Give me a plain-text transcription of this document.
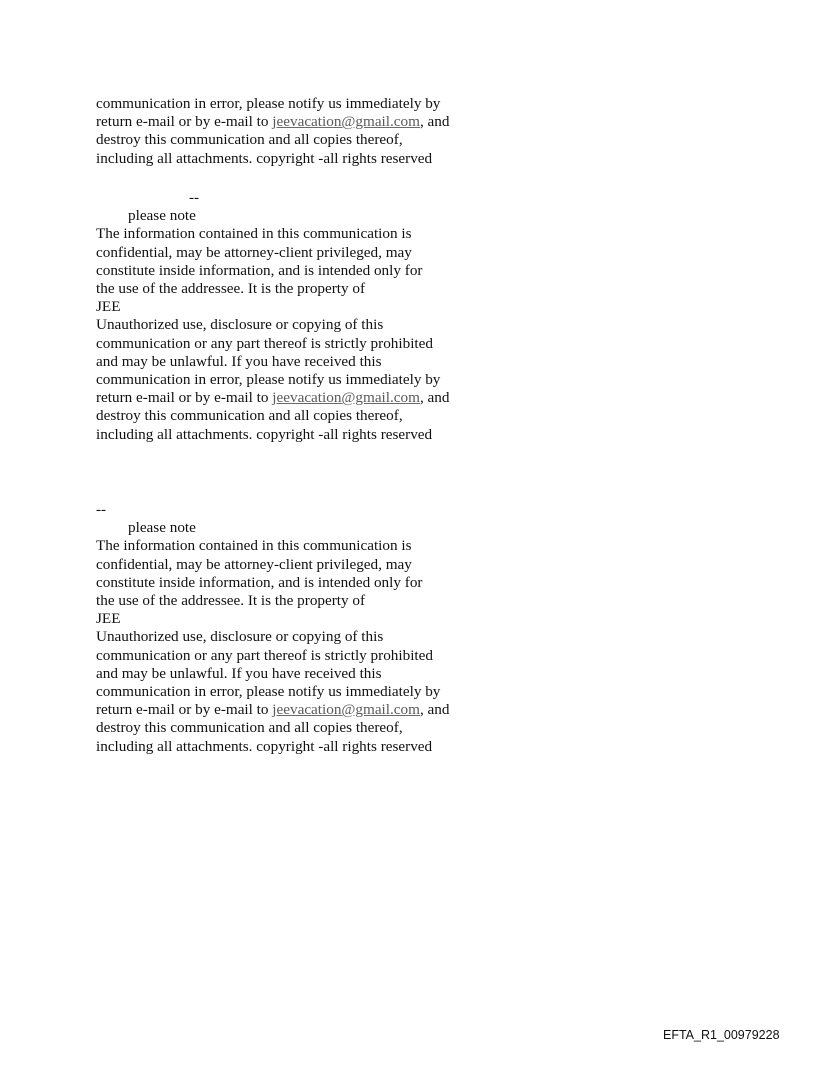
communication in error, please notify us immediately by
return e-mail or by e-mail to jeevacation@gmail.com, and
destroy this communication and all copies thereof,
including all attachments. copyright -all rights reserved
--
please note
The information contained in this communication is
confidential, may be attorney-client privileged, may
constitute inside information, and is intended only for
the use of the addressee. It is the property of
JEE
Unauthorized use, disclosure or copying of this
communication or any part thereof is strictly prohibited
and may be unlawful. If you have received this
communication in error, please notify us immediately by
return e-mail or by e-mail to jeevacation@gmail.com, and
destroy this communication and all copies thereof,
including all attachments. copyright -all rights reserved
--
please note
The information contained in this communication is
confidential, may be attorney-client privileged, may
constitute inside information, and is intended only for
the use of the addressee. It is the property of
JEE
Unauthorized use, disclosure or copying of this
communication or any part thereof is strictly prohibited
and may be unlawful. If you have received this
communication in error, please notify us immediately by
return e-mail or by e-mail to jeevacation@gmail.com, and
destroy this communication and all copies thereof,
including all attachments. copyright -all rights reserved
EFTA_R1_00979228
